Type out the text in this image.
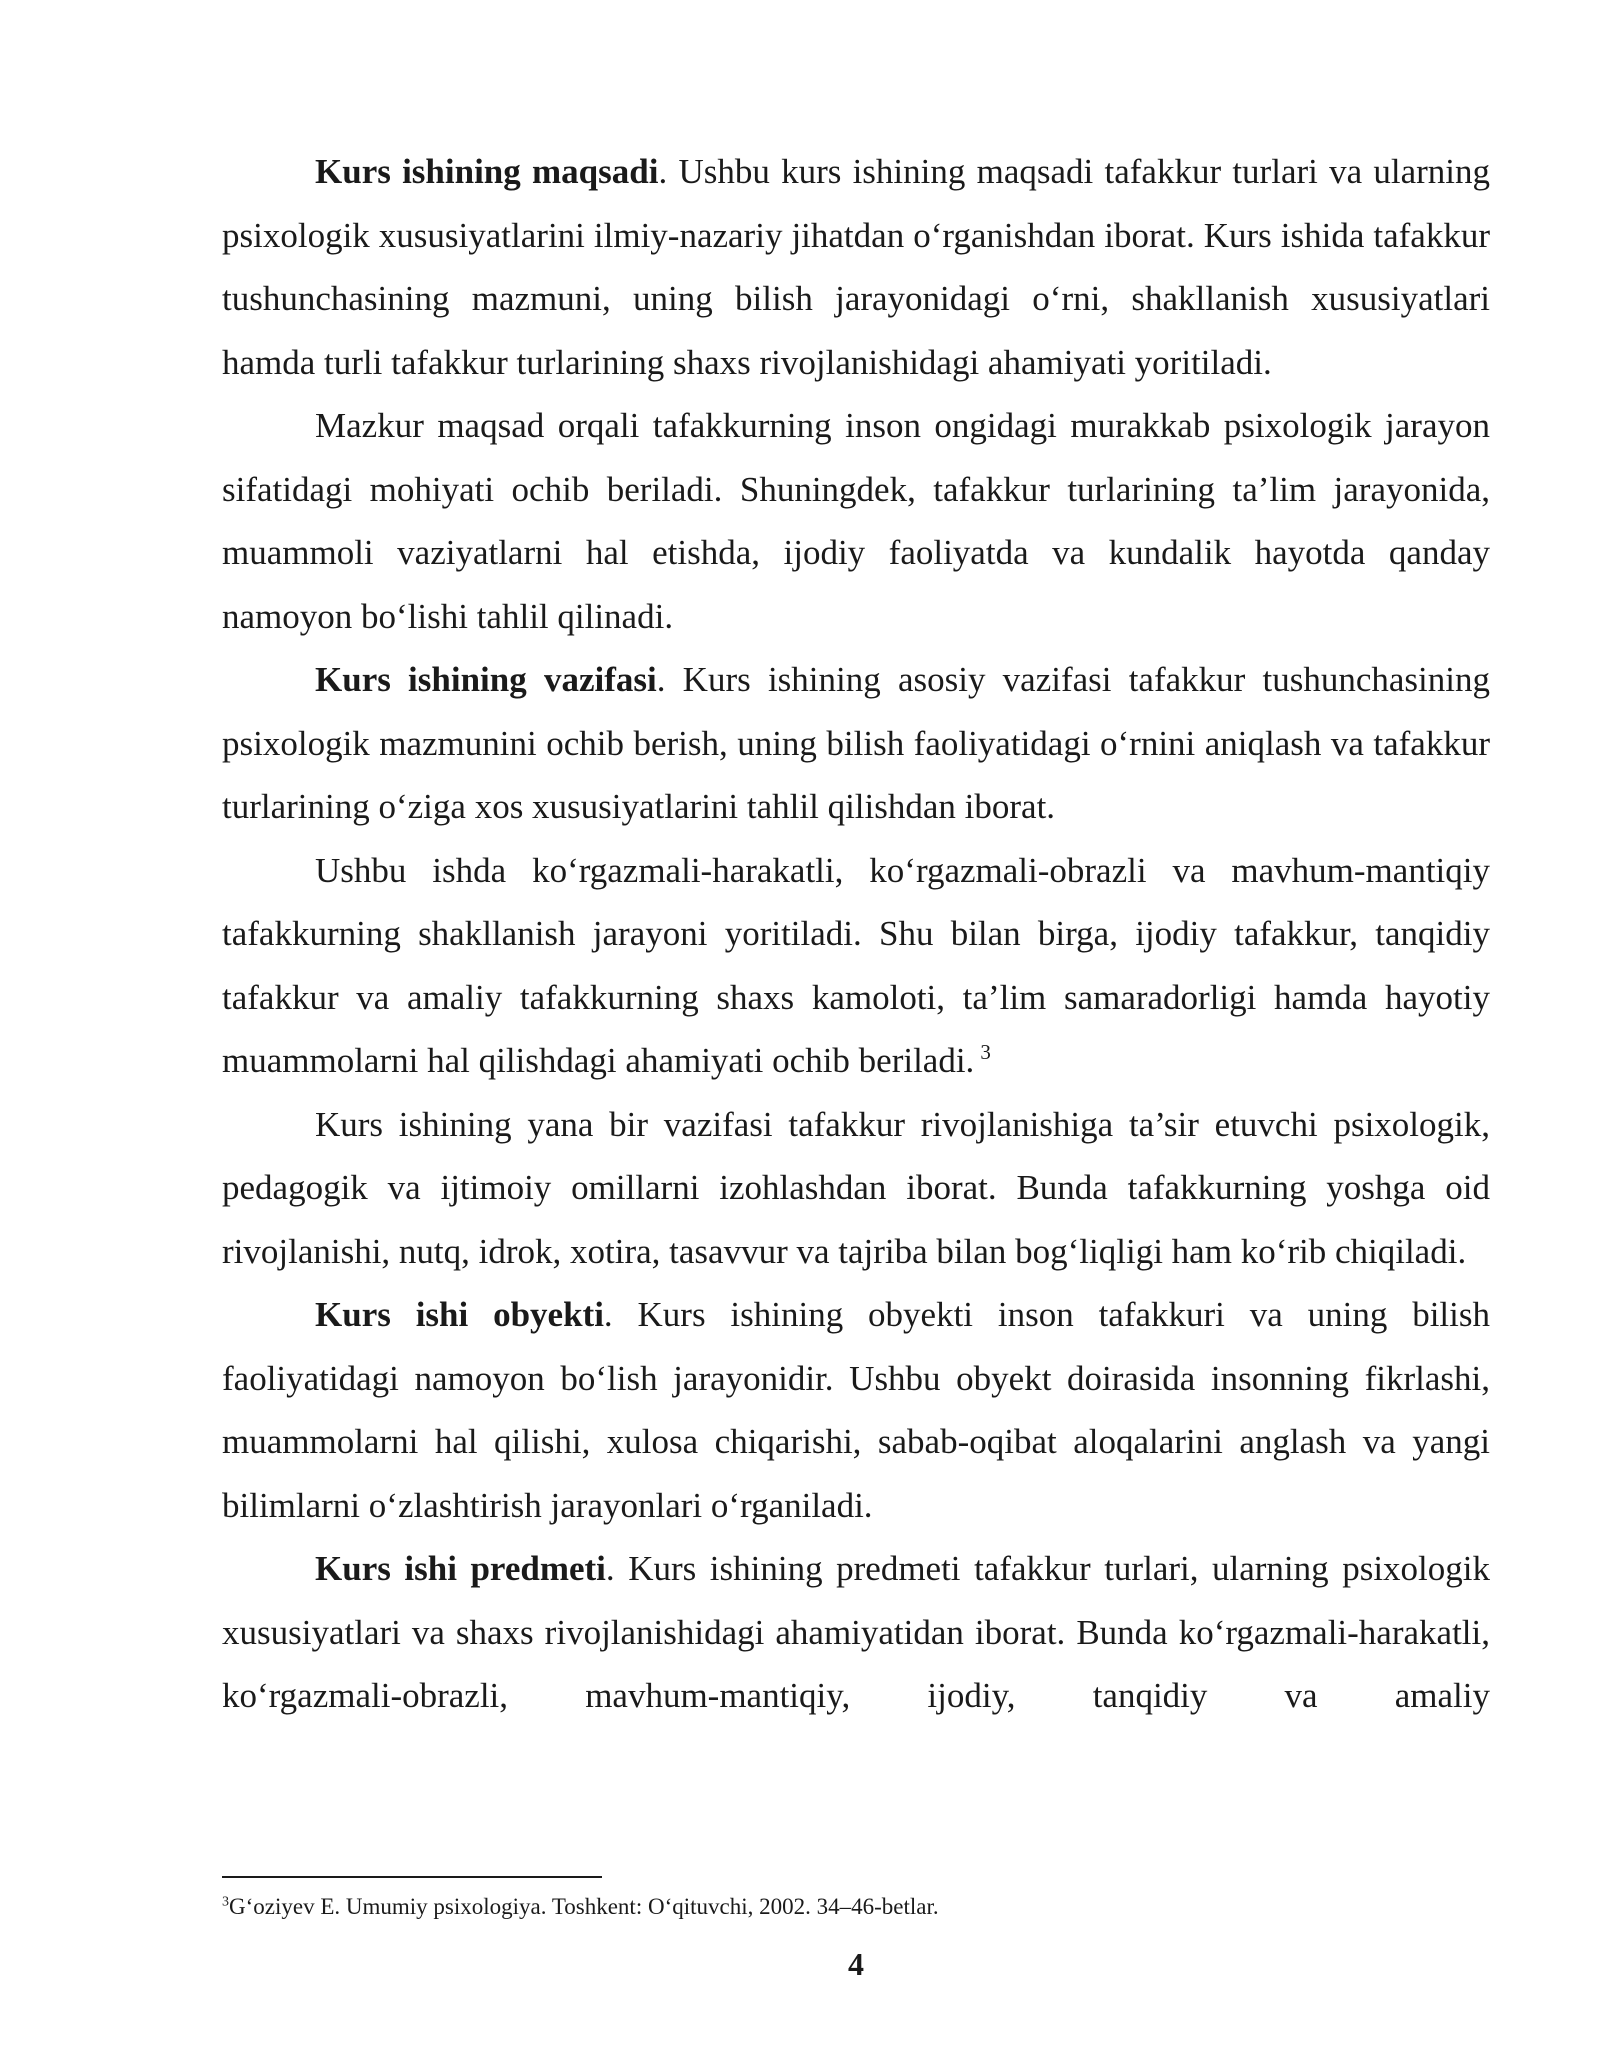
Kurs ishining maqsadi. Ushbu kurs ishining maqsadi tafakkur turlari va ularning psixologik xususiyatlarini ilmiy-nazariy jihatdan o‘rganishdan iborat. Kurs ishida tafakkur tushunchasining mazmuni, uning bilish jarayonidagi o‘rni, shakllanish xususiyatlari hamda turli tafakkur turlarining shaxs rivojlanishidagi ahamiyati yoritiladi.

Mazkur maqsad orqali tafakkurning inson ongidagi murakkab psixologik jarayon sifatidagi mohiyati ochib beriladi. Shuningdek, tafakkur turlarining ta’lim jarayonida, muammoli vaziyatlarni hal etishda, ijodiy faoliyatda va kundalik hayotda qanday namoyon bo‘lishi tahlil qilinadi.

Kurs ishining vazifasi. Kurs ishining asosiy vazifasi tafakkur tushunchasining psixologik mazmunini ochib berish, uning bilish faoliyatidagi o‘rnini aniqlash va tafakkur turlarining o‘ziga xos xususiyatlarini tahlil qilishdan iborat.

Ushbu ishda ko‘rgazmali-harakatli, ko‘rgazmali-obrazli va mavhum-mantiqiy tafakkurning shakllanish jarayoni yoritiladi. Shu bilan birga, ijodiy tafakkur, tanqidiy tafakkur va amaliy tafakkurning shaxs kamoloti, ta’lim samaradorligi hamda hayotiy muammolarni hal qilishdagi ahamiyati ochib beriladi. $^3$

Kurs ishining yana bir vazifasi tafakkur rivojlanishiga ta’sir etuvchi psixologik, pedagogik va ijtimoiy omillarni izohlashdan iborat. Bunda tafakkurning yoshga oid rivojlanishi, nutq, idrok, xotira, tasavvur va tajriba bilan bog‘liqligi ham ko‘rib chiqiladi.

Kurs ishi obyekti. Kurs ishining obyekti inson tafakkuri va uning bilish faoliyatidagi namoyon bo‘lish jarayonidir. Ushbu obyekt doirasida insonning fikrlashi, muammolarni hal qilishi, xulosa chiqarishi, sabab-oqibat aloqalarini anglash va yangi bilimlarni o‘zlashtirish jarayonlari o‘rganiladi.

Kurs ishi predmeti. Kurs ishining predmeti tafakkur turlari, ularning psixologik xususiyatlari va shaxs rivojlanishidagi ahamiyatidan iborat. Bunda ko‘rgazmali-harakatli, ko‘rgazmali-obrazli, mavhum-mantiqiy, ijodiy, tanqidiy va amaliy

$^3$G‘oziyev E. Umumiy psixologiya. Toshkent: O‘qituvchi, 2002. 34–46-betlar.
4
